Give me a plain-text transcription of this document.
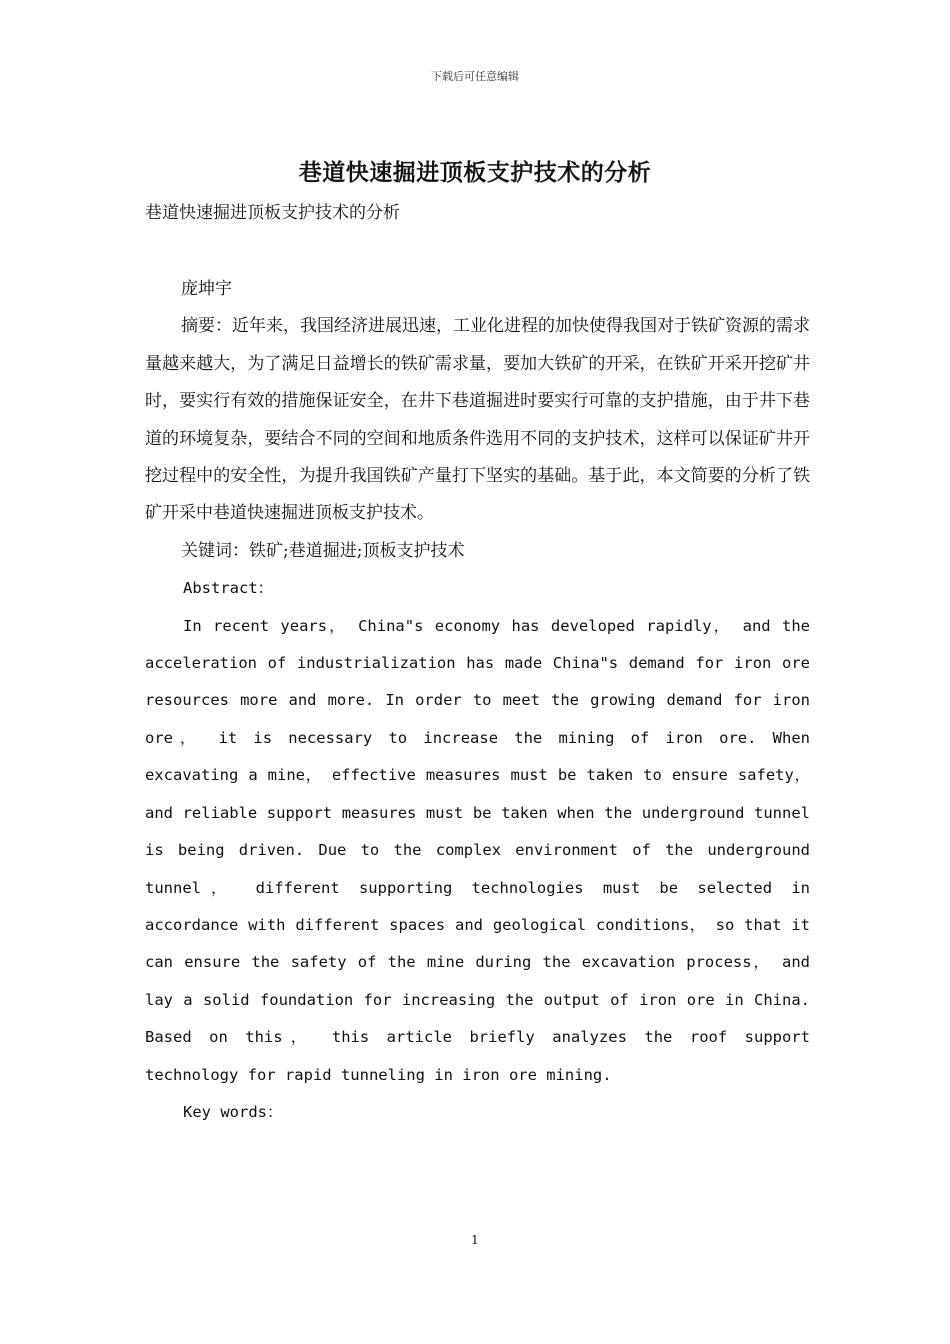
下载后可任意编辑
巷道快速掘进顶板支护技术的分析

巷道快速掘进顶板支护技术的分析

庞坤宇

摘要：近年来，我国经济进展迅速，工业化进程的加快使得我国对于铁矿资源的需求量越来越大，为了满足日益增长的铁矿需求量，要加大铁矿的开采，在铁矿开采开挖矿井时，要实行有效的措施保证安全，在井下巷道掘进时要实行可靠的支护措施，由于井下巷道的环境复杂，要结合不同的空间和地质条件选用不同的支护技术，这样可以保证矿井开挖过程中的安全性，为提升我国铁矿产量打下坚实的基础。基于此，本文简要的分析了铁矿开采中巷道快速掘进顶板支护技术。

关键词：铁矿;巷道掘进;顶板支护技术

Abstract：

In recent years， China"s economy has developed rapidly， and the acceleration of industrialization has made China"s demand for iron ore resources more and more. In order to meet the growing demand for iron ore， it is necessary to increase the mining of iron ore. When excavating a mine， effective measures must be taken to ensure safety， and reliable support measures must be taken when the underground tunnel is being driven. Due to the complex environment of the underground tunnel， different supporting technologies must be selected in accordance with different spaces and geological conditions， so that it can ensure the safety of the mine during the excavation process， and lay a solid foundation for increasing the output of iron ore in China. Based on this， this article briefly analyzes the roof support technology for rapid tunneling in iron ore mining.

Key words：

1
